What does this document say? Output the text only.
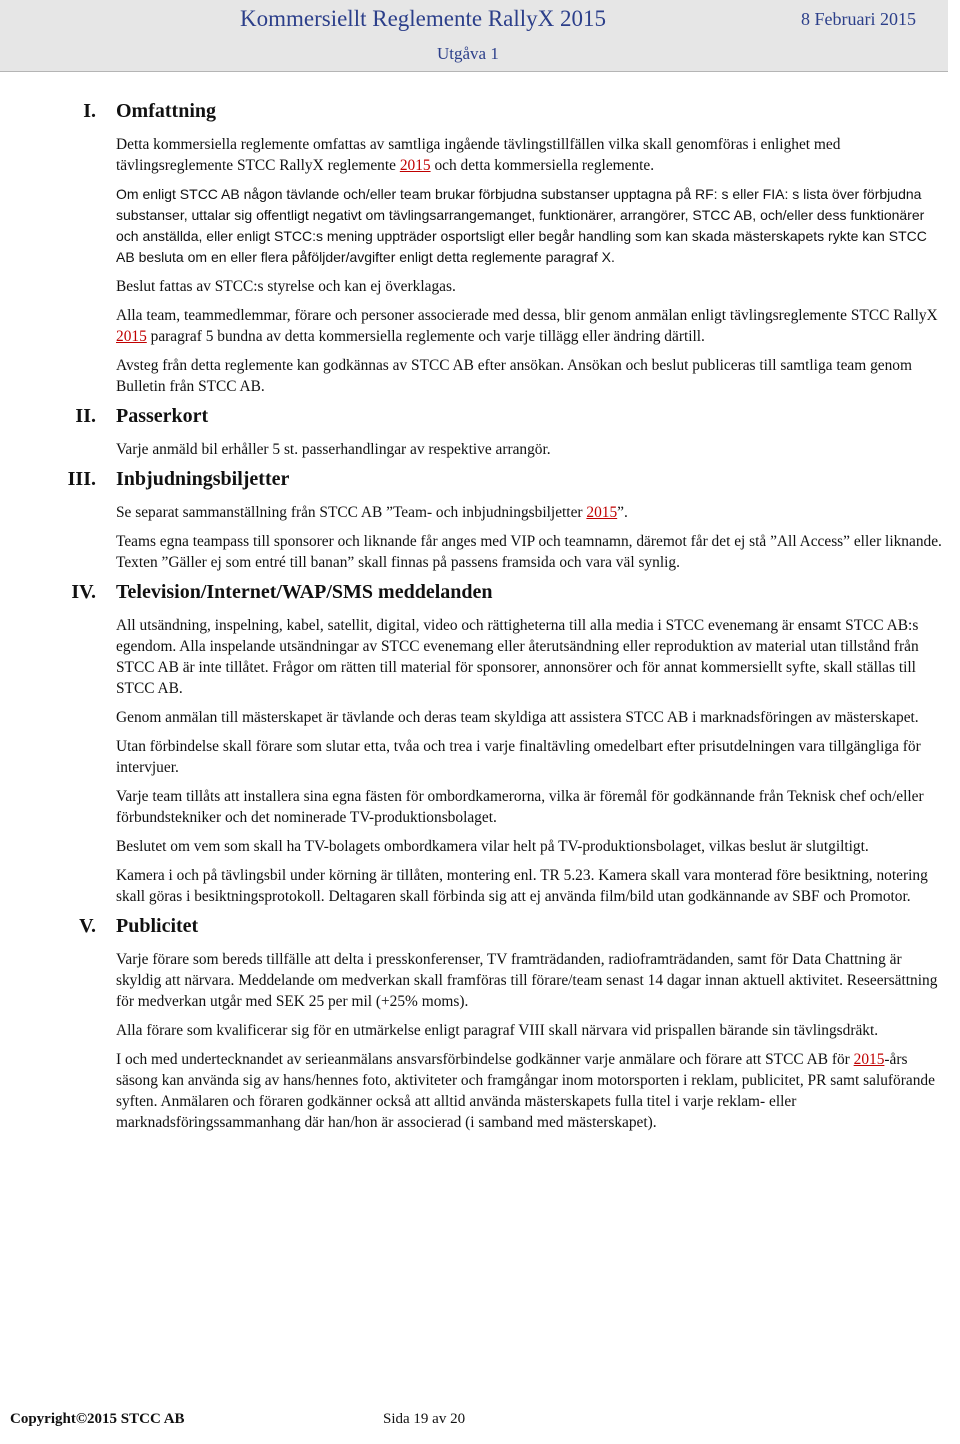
Kommersiellt Reglemente RallyX 2015	8 Februari 2015
Utgåva 1
I. Omfattning

Detta kommersiella reglemente omfattas av samtliga ingående tävlingstillfällen vilka skall genomföras i enlighet med tävlingsreglemente STCC RallyX reglemente 2015 och detta kommersiella reglemente.

Om enligt STCC AB någon tävlande och/eller team brukar förbjudna substanser upptagna på RF: s eller FIA: s lista över förbjudna substanser, uttalar sig offentligt negativt om tävlingsarrangemanget, funktionärer, arrangörer, STCC AB, och/eller dess funktionärer och anställda, eller enligt STCC:s mening uppträder osportsligt eller begår handling som kan skada mästerskapets rykte kan STCC AB besluta om en eller flera påföljder/avgifter enligt detta reglemente paragraf X.

Beslut fattas av STCC:s styrelse och kan ej överklagas.

Alla team, teammedlemmar, förare och personer associerade med dessa, blir genom anmälan enligt tävlingsreglemente STCC RallyX 2015 paragraf 5 bundna av detta kommersiella reglemente och varje tillägg eller ändring därtill.

Avsteg från detta reglemente kan godkännas av STCC AB efter ansökan. Ansökan och beslut publiceras till samtliga team genom Bulletin från STCC AB.

II. Passerkort

Varje anmäld bil erhåller 5 st. passerhandlingar av respektive arrangör.

III. Inbjudningsbiljetter

Se separat sammanställning från STCC AB ”Team- och inbjudningsbiljetter 2015”.

Teams egna teampass till sponsorer och liknande får anges med VIP och teamnamn, däremot får det ej stå ”All Access” eller liknande. Texten ”Gäller ej som entré till banan” skall finnas på passens framsida och vara väl synlig.

IV. Television/Internet/WAP/SMS meddelanden

All utsändning, inspelning, kabel, satellit, digital, video och rättigheterna till alla media i STCC evenemang är ensamt STCC AB:s egendom. Alla inspelande utsändningar av STCC evenemang eller återutsändning eller reproduktion av material utan tillstånd från STCC AB är inte tillåtet. Frågor om rätten till material för sponsorer, annonsörer och för annat kommersiellt syfte, skall ställas till STCC AB.

Genom anmälan till mästerskapet är tävlande och deras team skyldiga att assistera STCC AB i marknadsföringen av mästerskapet.

Utan förbindelse skall förare som slutar etta, tvåa och trea i varje finaltävling omedelbart efter prisutdelningen vara tillgängliga för intervjuer.

Varje team tillåts att installera sina egna fästen för ombordkamerorna, vilka är föremål för godkännande från Teknisk chef och/eller förbundstekniker och det nominerade TV-produktionsbolaget.

Beslutet om vem som skall ha TV-bolagets ombordkamera vilar helt på TV-produktionsbolaget, vilkas beslut är slutgiltigt.

Kamera i och på tävlingsbil under körning är tillåten, montering enl. TR 5.23. Kamera skall vara monterad före besiktning, notering skall göras i besiktningsprotokoll. Deltagaren skall förbinda sig att ej använda film/bild utan godkännande av SBF och Promotor.

V. Publicitet

Varje förare som bereds tillfälle att delta i presskonferenser, TV framträdanden, radioframträdanden, samt för Data Chattning är skyldig att närvara. Meddelande om medverkan skall framföras till förare/team senast 14 dagar innan aktuell aktivitet. Reseersättning för medverkan utgår med SEK 25 per mil (+25% moms).

Alla förare som kvalificerar sig för en utmärkelse enligt paragraf VIII skall närvara vid prispallen bärande sin tävlingsdräkt.

I och med undertecknandet av serieanmälans ansvarsförbindelse godkänner varje anmälare och förare att STCC AB för 2015-års säsong kan använda sig av hans/hennes foto, aktiviteter och framgångar inom motorsporten i reklam, publicitet, PR samt saluförande syften. Anmälaren och föraren godkänner också att alltid använda mästerskapets fulla titel i varje reklam- eller marknadsföringssammanhang där han/hon är associerad (i samband med mästerskapet).

Copyright©2015 STCC AB	Sida 19 av 20
